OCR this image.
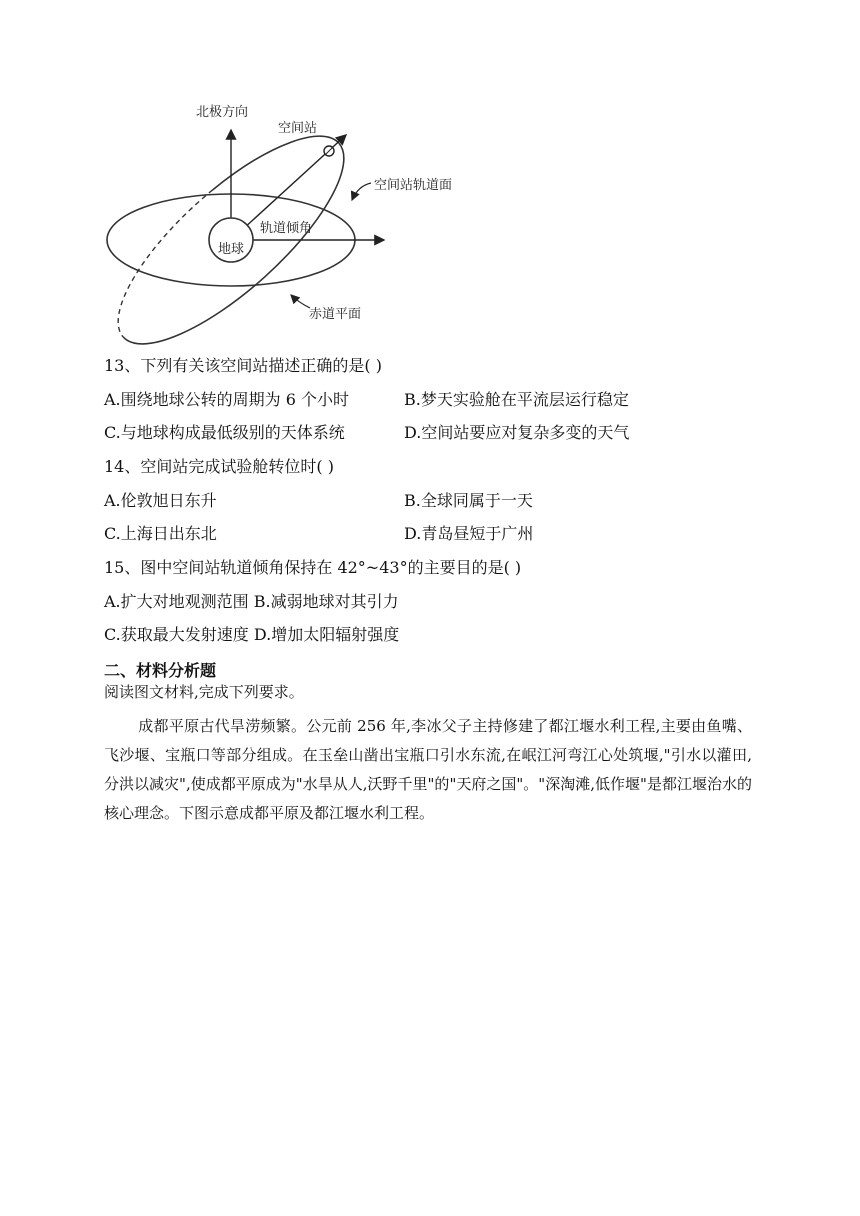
北极方向
空间站
空间站轨道面
轨道倾角
地球
赤道平面
13、下列有关该空间站描述正确的是( )
A.围绕地球公转的周期为 6 个小时	B.梦天实验舱在平流层运行稳定
C.与地球构成最低级别的天体系统	D.空间站要应对复杂多变的天气
14、空间站完成试验舱转位时( )
A.伦敦旭日东升	B.全球同属于一天
C.上海日出东北	D.青岛昼短于广州
15、图中空间站轨道倾角保持在 42°~43°的主要目的是( )
A.扩大对地观测范围 B.减弱地球对其引力
C.获取最大发射速度 D.增加太阳辐射强度
二、材料分析题
阅读图文材料,完成下列要求。
成都平原古代旱涝频繁。公元前 256 年,李冰父子主持修建了都江堰水利工程,主要由鱼嘴、飞沙堰、宝瓶口等部分组成。在玉垒山凿出宝瓶口引水东流,在岷江河弯江心处筑堰,"引水以灌田,分洪以减灾",使成都平原成为"水旱从人,沃野千里"的"天府之国"。"深淘滩,低作堰"是都江堰治水的核心理念。下图示意成都平原及都江堰水利工程。
